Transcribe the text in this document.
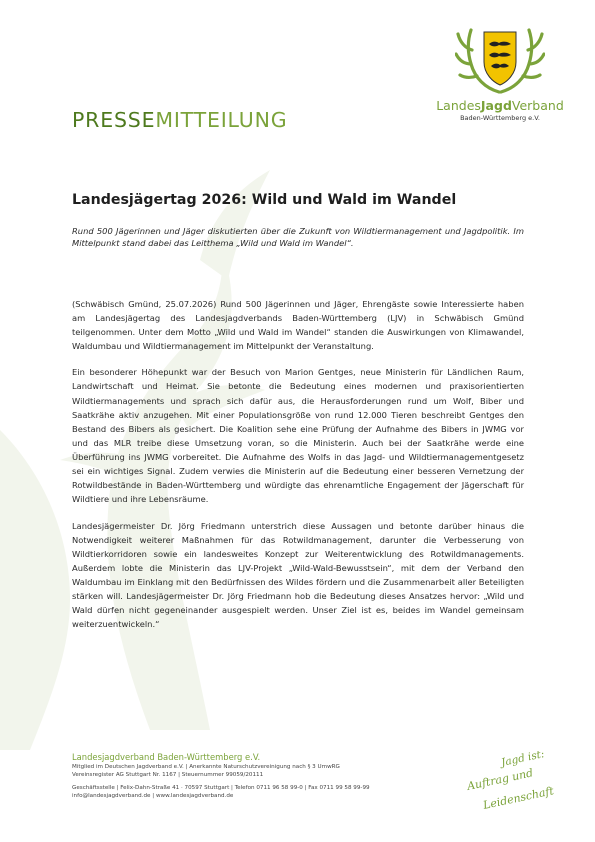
LandesJagdVerband
Baden-Württemberg e.V.
PRESSEMITTEILUNG
Landesjägertag 2026: Wild und Wald im Wandel

Rund 500 Jägerinnen und Jäger diskutierten über die Zukunft von Wildtiermanagement und Jagdpolitik. Im Mittelpunkt stand dabei das Leitthema „Wild und Wald im Wandel“.

(Schwäbisch Gmünd, 25.07.2026) Rund 500 Jägerinnen und Jäger, Ehrengäste sowie Interessierte haben am Landesjägertag des Landesjagdverbands Baden-Württemberg (LJV) in Schwäbisch Gmünd teilgenommen. Unter dem Motto „Wild und Wald im Wandel“ standen die Auswirkungen von Klimawandel, Waldumbau und Wildtiermanagement im Mittelpunkt der Veranstaltung.

Ein besonderer Höhepunkt war der Besuch von Marion Gentges, neue Ministerin für Ländlichen Raum, Landwirtschaft und Heimat. Sie betonte die Bedeutung eines modernen und praxisorientierten Wildtiermanagements und sprach sich dafür aus, die Herausforderungen rund um Wolf, Biber und Saatkrähe aktiv anzugehen. Mit einer Populationsgröße von rund 12.000 Tieren beschreibt Gentges den Bestand des Bibers als gesichert. Die Koalition sehe eine Prüfung der Aufnahme des Bibers in JWMG vor und das MLR treibe diese Umsetzung voran, so die Ministerin. Auch bei der Saatkrähe werde eine Überführung ins JWMG vorbereitet. Die Aufnahme des Wolfs in das Jagd- und Wildtiermanagementgesetz sei ein wichtiges Signal. Zudem verwies die Ministerin auf die Bedeutung einer besseren Vernetzung der Rotwildbestände in Baden-Württemberg und würdigte das ehrenamtliche Engagement der Jägerschaft für Wildtiere und ihre Lebensräume.

Landesjägermeister Dr. Jörg Friedmann unterstrich diese Aussagen und betonte darüber hinaus die Notwendigkeit weiterer Maßnahmen für das Rotwildmanagement, darunter die Verbesserung von Wildtierkorridoren sowie ein landesweites Konzept zur Weiterentwicklung des Rotwildmanagements. Außerdem lobte die Ministerin das LJV-Projekt „Wild-Wald-Bewusstsein“, mit dem der Verband den Waldumbau im Einklang mit den Bedürfnissen des Wildes fördern und die Zusammenarbeit aller Beteiligten stärken will. Landesjägermeister Dr. Jörg Friedmann hob die Bedeutung dieses Ansatzes hervor: „Wild und Wald dürfen nicht gegeneinander ausgespielt werden. Unser Ziel ist es, beides im Wandel gemeinsam weiterzuentwickeln.“

Landesjagdverband Baden-Württemberg e.V.
Mitglied im Deutschen Jagdverband e.V. | Anerkannte Naturschutzvereinigung nach § 3 UmwRG
Vereinsregister AG Stuttgart Nr. 1167 | Steuernummer 99059/20111
Geschäftsstelle | Felix-Dahn-Straße 41 · 70597 Stuttgart | Telefon 0711 96 58 99-0 | Fax 0711 99 58 99-99
info@landesjagdverband.de | www.landesjagdverband.de
Jagd ist:
Auftrag und
Leidenschaft
